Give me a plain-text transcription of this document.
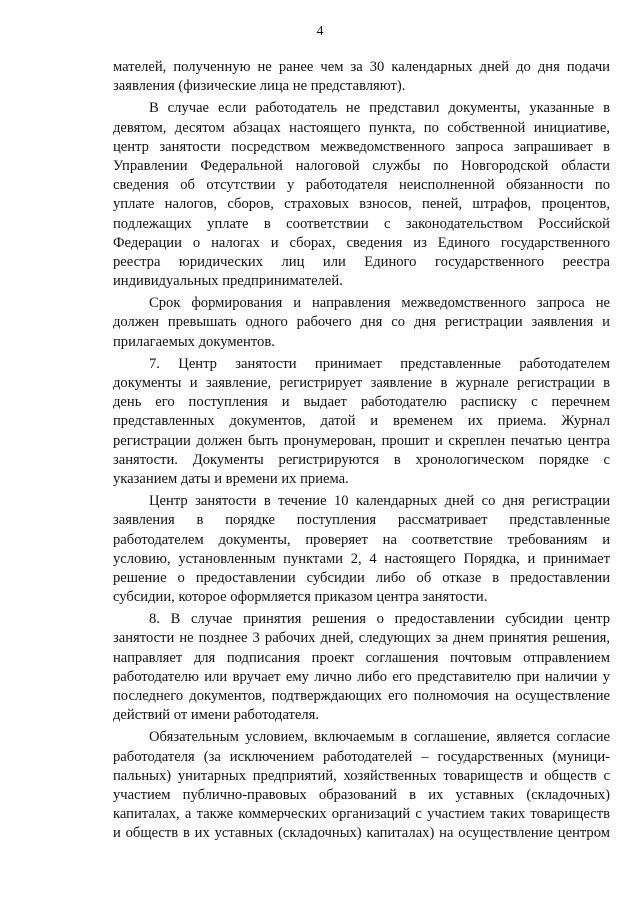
4
мателей, полученную не ранее чем за 30 календарных дней до дня подачи
заявления (физические лица не представляют).
В случае если работодатель не представил документы, указанные в
девятом, десятом абзацах настоящего пункта, по собственной инициативе,
центр занятости посредством межведомственного запроса запрашивает в
Управлении Федеральной налоговой службы по Новгородской области
сведения об отсутствии у работодателя неисполненной обязанности по
уплате налогов, сборов, страховых взносов, пеней, штрафов, процентов,
подлежащих уплате в соответствии с законодательством Российской
Федерации о налогах и сборах, сведения из Единого государственного
реестра юридических лиц или Единого государственного реестра
индивидуальных предпринимателей.
Срок формирования и направления межведомственного запроса не
должен превышать одного рабочего дня со дня регистрации заявления и
прилагаемых документов.
7. Центр занятости принимает представленные работодателем
документы и заявление, регистрирует заявление в журнале регистрации в
день его поступления и выдает работодателю расписку с перечнем
представленных документов, датой и временем их приема. Журнал
регистрации должен быть пронумерован, прошит и скреплен печатью центра
занятости. Документы регистрируются в хронологическом порядке с
указанием даты и времени их приема.
Центр занятости в течение 10 календарных дней со дня регистрации
заявления в порядке поступления рассматривает представленные
работодателем документы, проверяет на соответствие требованиям и
условию, установленным пунктами 2, 4 настоящего Порядка, и принимает
решение о предоставлении субсидии либо об отказе в предоставлении
субсидии, которое оформляется приказом центра занятости.
8. В случае принятия решения о предоставлении субсидии центр
занятости не позднее 3 рабочих дней, следующих за днем принятия решения,
направляет для подписания проект соглашения почтовым отправлением
работодателю или вручает ему лично либо его представителю при наличии у
последнего документов, подтверждающих его полномочия на осуществление
действий от имени работодателя.
Обязательным условием, включаемым в соглашение, является согласие
работодателя (за исключением работодателей – государственных (муници-
пальных) унитарных предприятий, хозяйственных товариществ и обществ с
участием публично-правовых образований в их уставных (складочных)
капиталах, а также коммерческих организаций с участием таких товариществ
и обществ в их уставных (складочных) капиталах) на осуществление центром
